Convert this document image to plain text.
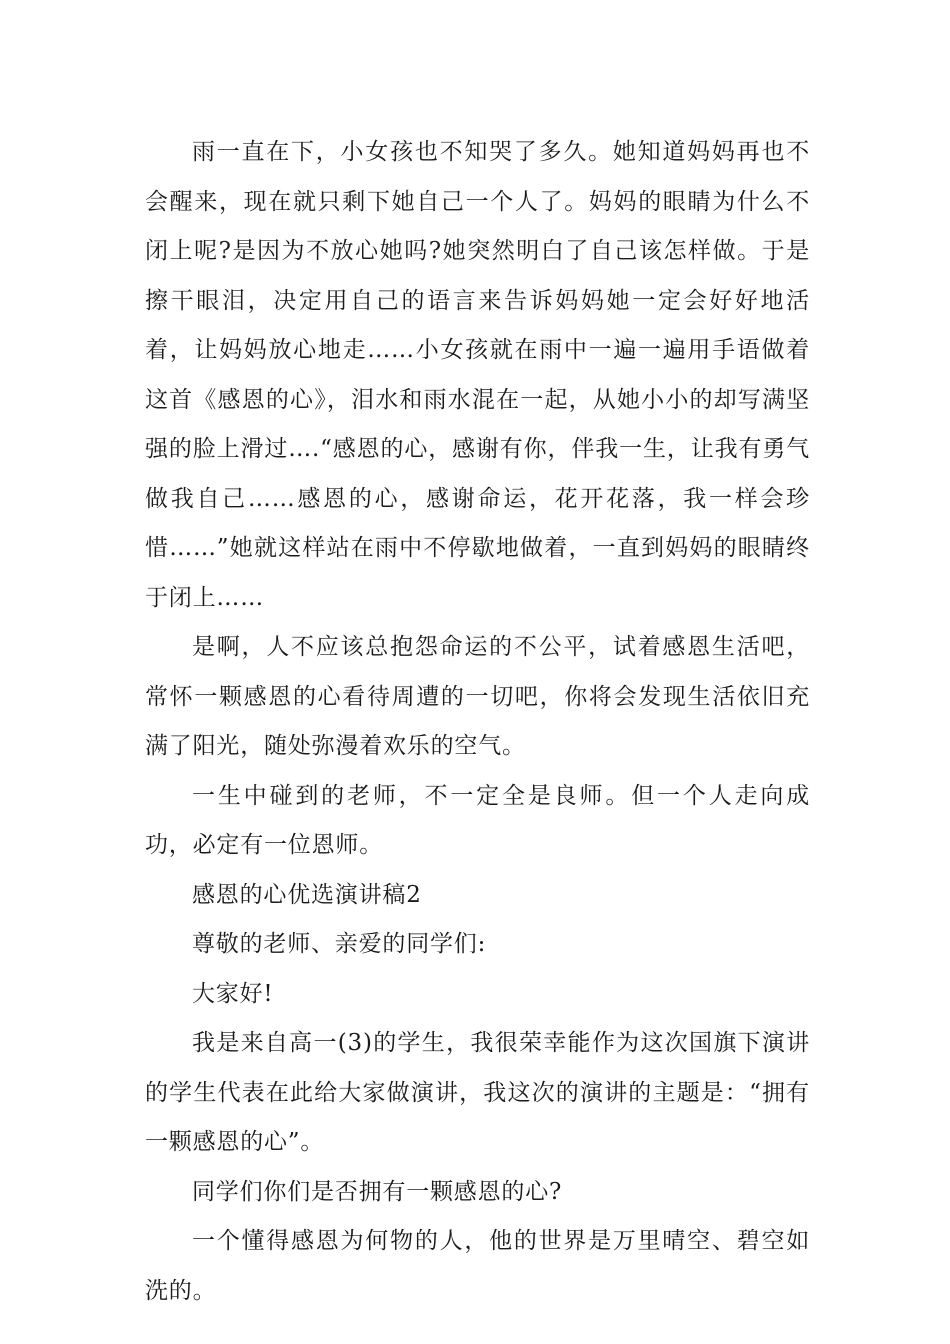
雨一直在下，小女孩也不知哭了多久。她知道妈妈再也不会醒来，现在就只剩下她自己一个人了。妈妈的眼睛为什么不闭上呢?是因为不放心她吗?她突然明白了自己该怎样做。于是擦干眼泪，决定用自己的语言来告诉妈妈她一定会好好地活着，让妈妈放心地走……小女孩就在雨中一遍一遍用手语做着这首《感恩的心》，泪水和雨水混在一起，从她小小的却写满坚强的脸上滑过….“感恩的心，感谢有你，伴我一生，让我有勇气做我自己……感恩的心，感谢命运，花开花落，我一样会珍惜……”她就这样站在雨中不停歇地做着，一直到妈妈的眼睛终于闭上……

是啊，人不应该总抱怨命运的不公平，试着感恩生活吧，常怀一颗感恩的心看待周遭的一切吧，你将会发现生活依旧充满了阳光，随处弥漫着欢乐的空气。

一生中碰到的老师，不一定全是良师。但一个人走向成功，必定有一位恩师。

感恩的心优选演讲稿2

尊敬的老师、亲爱的同学们:

大家好!

我是来自高一(3)的学生，我很荣幸能作为这次国旗下演讲的学生代表在此给大家做演讲，我这次的演讲的主题是：“拥有一颗感恩的心”。

同学们你们是否拥有一颗感恩的心?

一个懂得感恩为何物的人，他的世界是万里晴空、碧空如洗的。
